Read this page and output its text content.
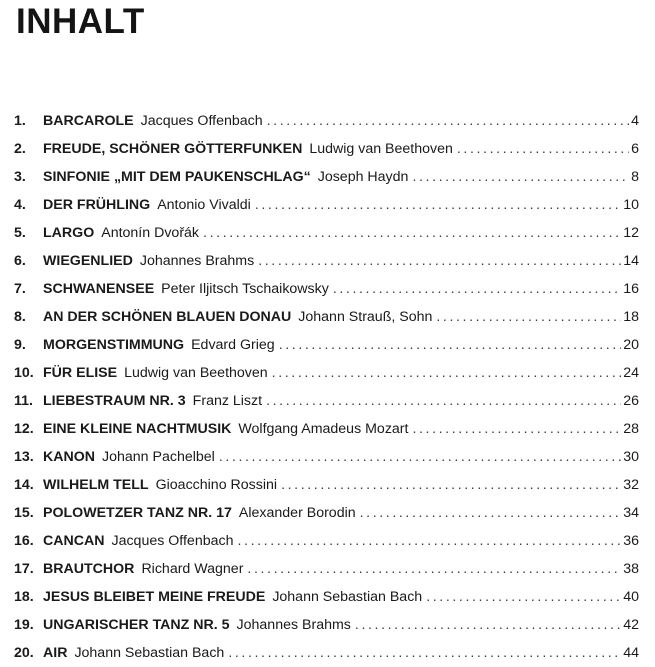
INHALT
1.	BARCAROLE Jacques Offenbach .....	4
2.	FREUDE, SCHÖNER GÖTTERFUNKEN Ludwig van Beethoven .....	6
3.	SINFONIE „MIT DEM PAUKENSCHLAG“ Joseph Haydn .....	8
4.	DER FRÜHLING Antonio Vivaldi .....	10
5.	LARGO Antonín Dvořák .....	12
6.	WIEGENLIED Johannes Brahms .....	14
7.	SCHWANENSEE Peter Iljitsch Tschaikowsky .....	16
8.	AN DER SCHÖNEN BLAUEN DONAU Johann Strauß, Sohn .....	18
9.	MORGENSTIMMUNG Edvard Grieg .....	20
10. FÜR ELISE Ludwig van Beethoven .....	24
11. LIEBESTRAUM NR. 3 Franz Liszt .....	26
12. EINE KLEINE NACHTMUSIK Wolfgang Amadeus Mozart .....	28
13. KANON Johann Pachelbel .....	30
14. WILHELM TELL Gioacchino Rossini .....	32
15. POLOWETZER TANZ NR. 17 Alexander Borodin .....	34
16. CANCAN Jacques Offenbach .....	36
17. BRAUTCHOR Richard Wagner .....	38
18. JESUS BLEIBET MEINE FREUDE Johann Sebastian Bach .....	40
19. UNGARISCHER TANZ NR. 5 Johannes Brahms .....	42
20. AIR Johann Sebastian Bach .....	44
